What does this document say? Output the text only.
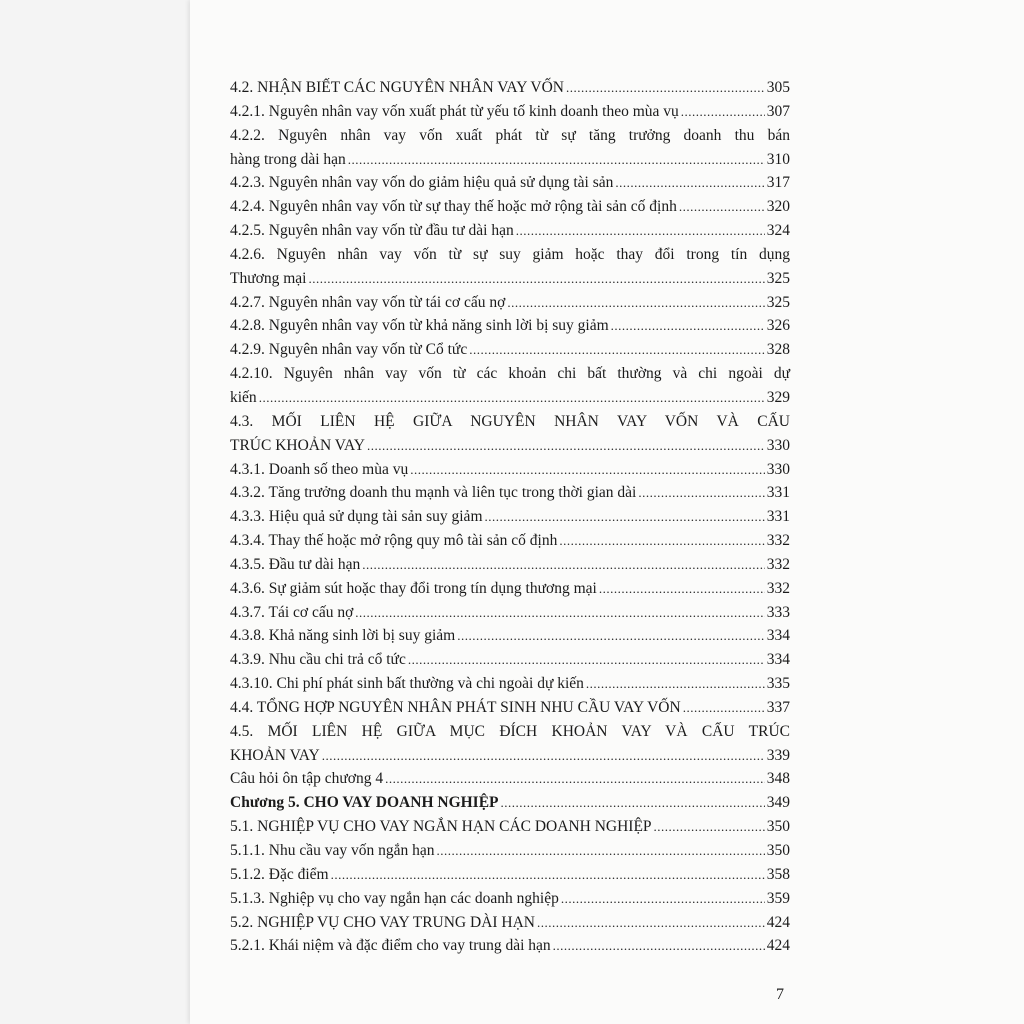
4.2. NHẬN BIẾT CÁC NGUYÊN NHÂN VAY VỐN .....	305
4.2.1. Nguyên nhân vay vốn xuất phát từ yếu tố kinh doanh theo mùa vụ .....	307
4.2.2. Nguyên nhân vay vốn xuất phát từ sự tăng trưởng doanh thu bán
hàng trong dài hạn .....	310
4.2.3. Nguyên nhân vay vốn do giảm hiệu quả sử dụng tài sản .....	317
4.2.4. Nguyên nhân vay vốn từ sự thay thế hoặc mở rộng tài sản cố định .....	320
4.2.5. Nguyên nhân vay vốn từ đầu tư dài hạn .....	324
4.2.6. Nguyên nhân vay vốn từ sự suy giảm hoặc thay đổi trong tín dụng
Thương mại .....	325
4.2.7. Nguyên nhân vay vốn từ tái cơ cấu nợ .....	325
4.2.8. Nguyên nhân vay vốn từ khả năng sinh lời bị suy giảm .....	326
4.2.9. Nguyên nhân vay vốn từ Cổ tức .....	328
4.2.10. Nguyên nhân vay vốn từ các khoản chi bất thường và chi ngoài dự
kiến .....	329
4.3. MỐI LIÊN HỆ GIỮA NGUYÊN NHÂN VAY VỐN VÀ CẤU
TRÚC KHOẢN VAY .....	330
4.3.1. Doanh số theo mùa vụ .....	330
4.3.2. Tăng trưởng doanh thu mạnh và liên tục trong thời gian dài .....	331
4.3.3. Hiệu quả sử dụng tài sản suy giảm .....	331
4.3.4. Thay thế hoặc mở rộng quy mô tài sản cố định .....	332
4.3.5. Đầu tư dài hạn .....	332
4.3.6. Sự giảm sút hoặc thay đổi trong tín dụng thương mại .....	332
4.3.7. Tái cơ cấu nợ .....	333
4.3.8. Khả năng sinh lời bị suy giảm .....	334
4.3.9. Nhu cầu chi trả cổ tức .....	334
4.3.10. Chi phí phát sinh bất thường và chi ngoài dự kiến .....	335
4.4. TỔNG HỢP NGUYÊN NHÂN PHÁT SINH NHU CẦU VAY VỐN .....	337
4.5. MỐI LIÊN HỆ GIỮA MỤC ĐÍCH KHOẢN VAY VÀ CẤU TRÚC
KHOẢN VAY .....	339
Câu hỏi ôn tập chương 4 .....	348
Chương 5. CHO VAY DOANH NGHIỆP .....	349
5.1. NGHIỆP VỤ CHO VAY NGẮN HẠN CÁC DOANH NGHIỆP .....	350
5.1.1. Nhu cầu vay vốn ngắn hạn .....	350
5.1.2. Đặc điểm .....	358
5.1.3. Nghiệp vụ cho vay ngắn hạn các doanh nghiệp .....	359
5.2. NGHIỆP VỤ CHO VAY TRUNG DÀI HẠN .....	424
5.2.1. Khái niệm và đặc điểm cho vay trung dài hạn .....	424
7
